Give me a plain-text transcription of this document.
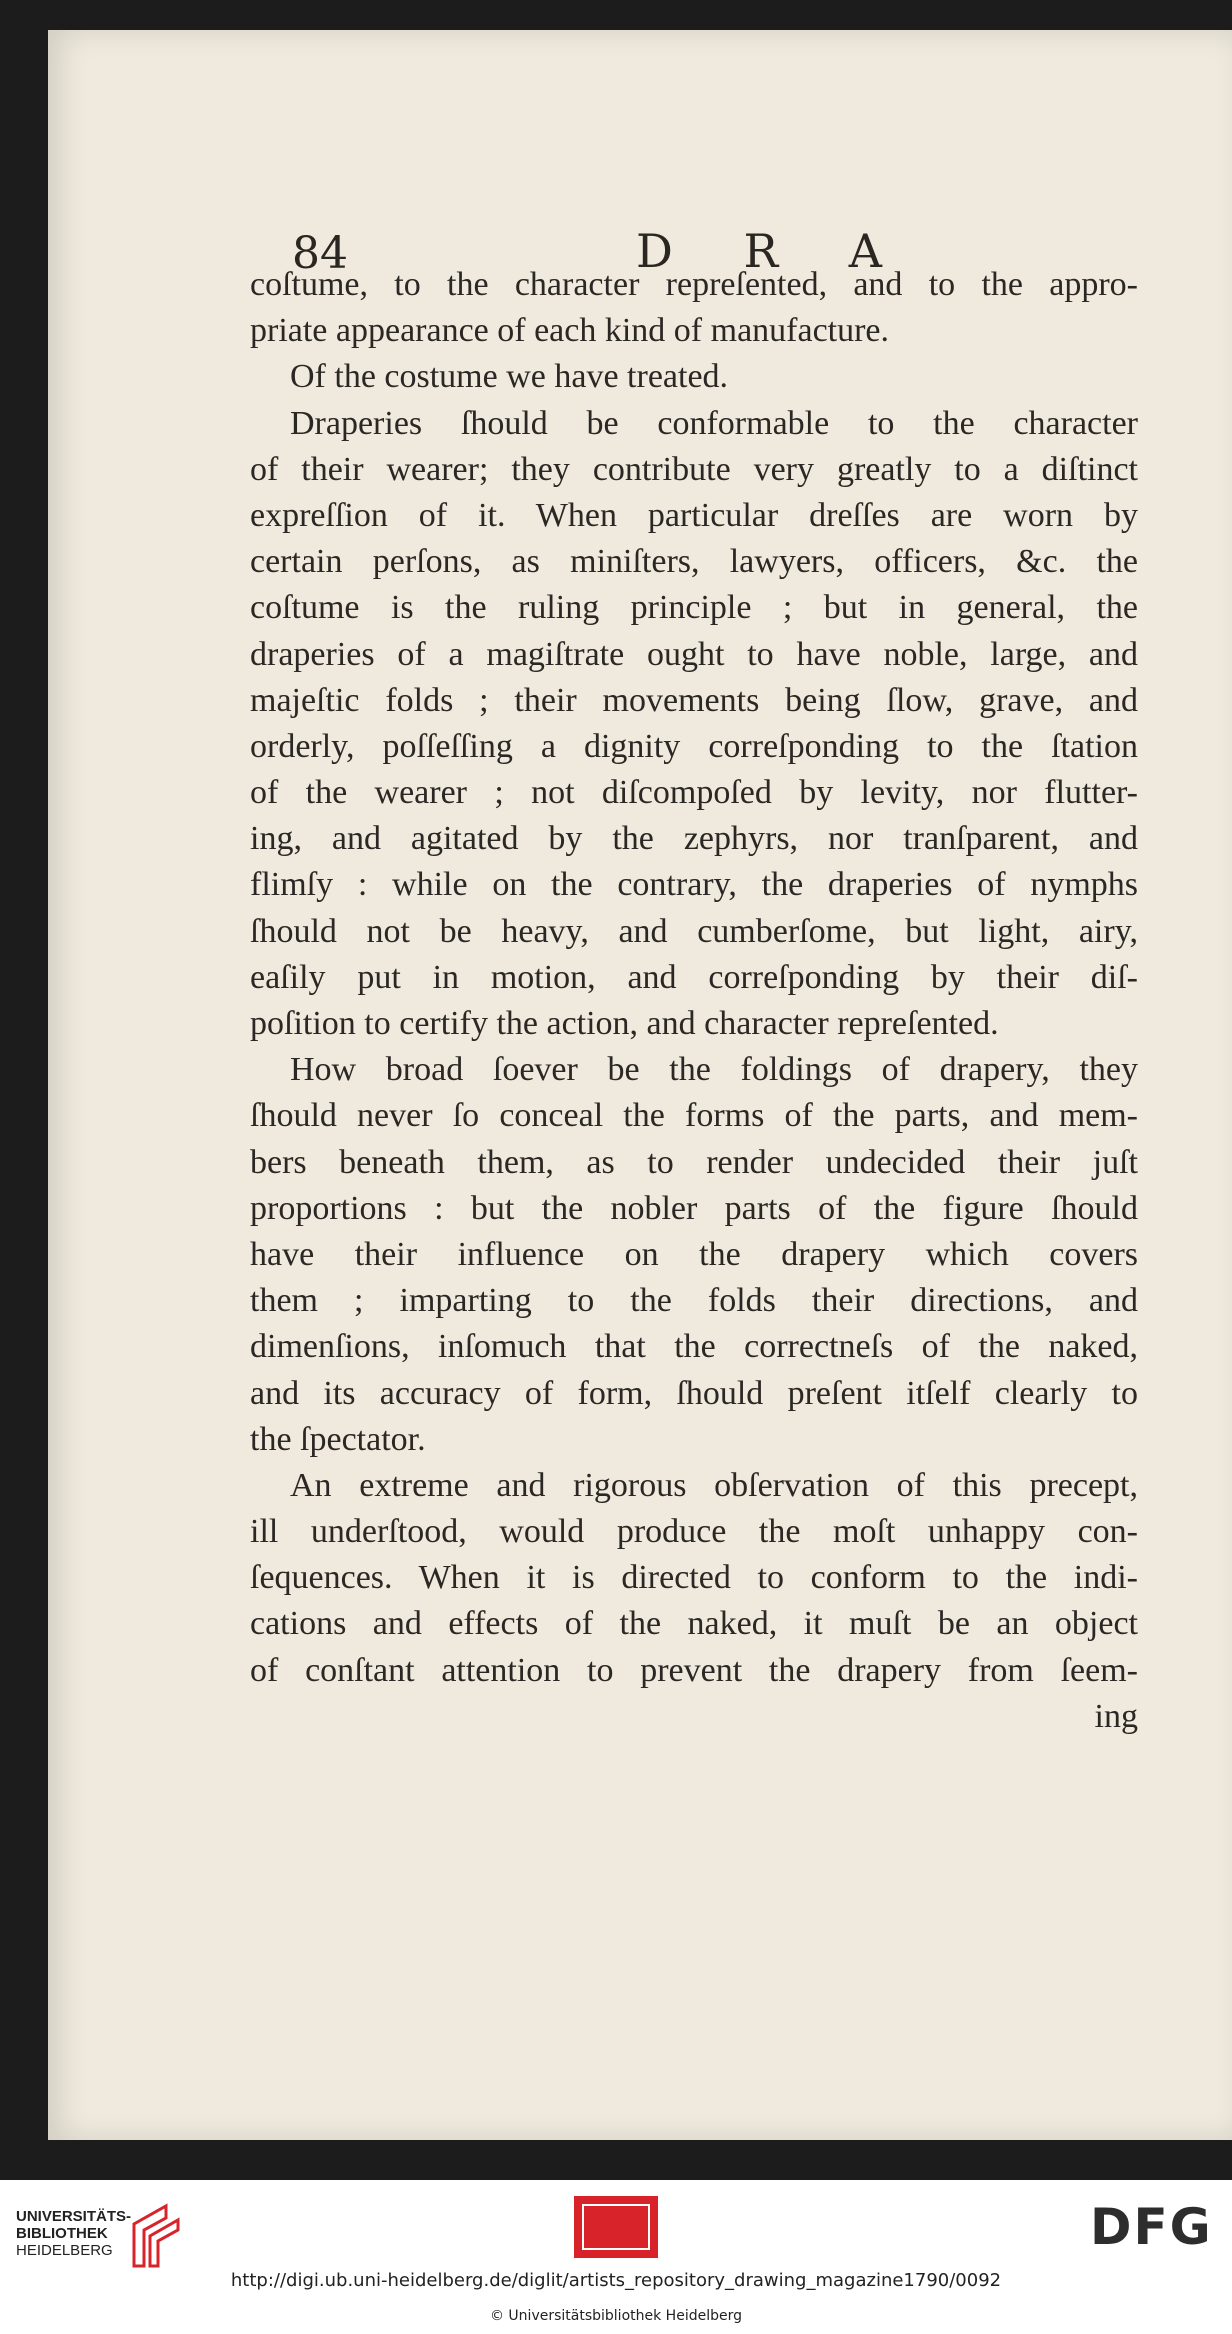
84	D R A
coſtume, to the character repreſented, and to the appro-
priate appearance of each kind of manufacture.
Of the costume we have treated.
Draperies ſhould be conformable to the character
of their wearer; they contribute very greatly to a diſtinct
expreſſion of it. When particular dreſſes are worn by
certain perſons, as miniſters, lawyers, officers, &c. the
coſtume is the ruling principle ; but in general, the
draperies of a magiſtrate ought to have noble, large, and
majeſtic folds ; their movements being ſlow, grave, and
orderly, poſſeſſing a dignity correſponding to the ſtation
of the wearer ; not diſcompoſed by levity, nor flutter-
ing, and agitated by the zephyrs, nor tranſparent, and
flimſy : while on the contrary, the draperies of nymphs
ſhould not be heavy, and cumberſome, but light, airy,
eaſily put in motion, and correſponding by their diſ-
poſition to certify the action, and character repreſented.
How broad ſoever be the foldings of drapery, they
ſhould never ſo conceal the forms of the parts, and mem-
bers beneath them, as to render undecided their juſt
proportions : but the nobler parts of the figure ſhould
have their influence on the drapery which covers
them ; imparting to the folds their directions, and
dimenſions, inſomuch that the correctneſs of the naked,
and its accuracy of form, ſhould preſent itſelf clearly to
the ſpectator.
An extreme and rigorous obſervation of this precept,
ill underſtood, would produce the moſt unhappy con-
ſequences. When it is directed to conform to the indi-
cations and effects of the naked, it muſt be an object
of conſtant attention to prevent the drapery from ſeem-
ing
UNIVERSITÄTS-
BIBLIOTHEK
HEIDELBERG	DFG
http://digi.ub.uni-heidelberg.de/diglit/artists_repository_drawing_magazine1790/0092
© Universitätsbibliothek Heidelberg
